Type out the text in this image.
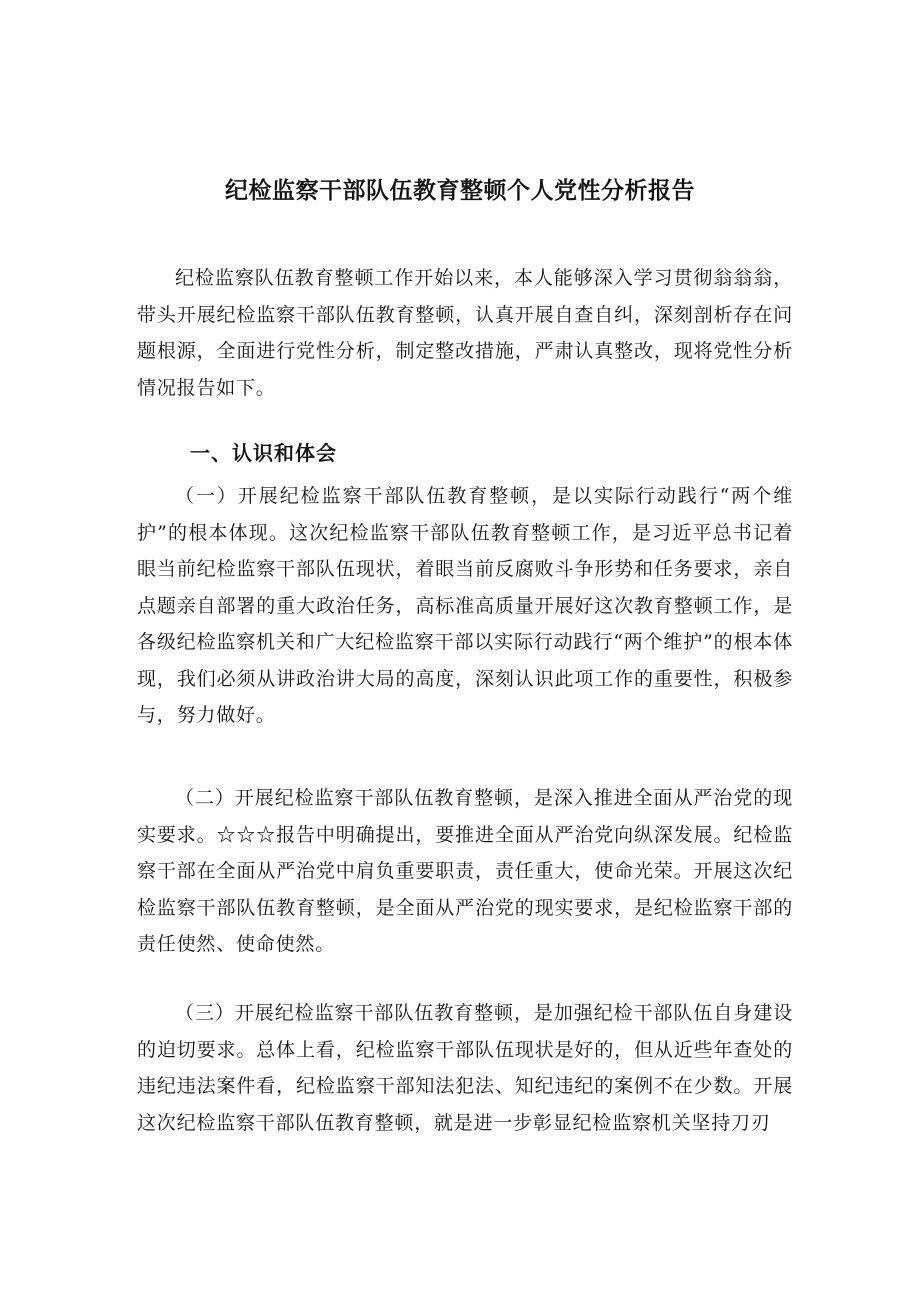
纪检监察干部队伍教育整顿个人党性分析报告

纪检监察队伍教育整顿工作开始以来，本人能够深入学习贯彻翁翁翁，带头开展纪检监察干部队伍教育整顿，认真开展自查自纠，深刻剖析存在问题根源，全面进行党性分析，制定整改措施，严肃认真整改，现将党性分析情况报告如下。

一、认识和体会

（一）开展纪检监察干部队伍教育整顿，是以实际行动践行“两个维护”的根本体现。这次纪检监察干部队伍教育整顿工作，是习近平总书记着眼当前纪检监察干部队伍现状，着眼当前反腐败斗争形势和任务要求，亲自点题亲自部署的重大政治任务，高标准高质量开展好这次教育整顿工作，是各级纪检监察机关和广大纪检监察干部以实际行动践行“两个维护”的根本体现，我们必须从讲政治讲大局的高度，深刻认识此项工作的重要性，积极参与，努力做好。

（二）开展纪检监察干部队伍教育整顿，是深入推进全面从严治党的现实要求。☆☆☆报告中明确提出，要推进全面从严治党向纵深发展。纪检监察干部在全面从严治党中肩负重要职责，责任重大，使命光荣。开展这次纪检监察干部队伍教育整顿，是全面从严治党的现实要求，是纪检监察干部的责任使然、使命使然。

（三）开展纪检监察干部队伍教育整顿，是加强纪检干部队伍自身建设的迫切要求。总体上看，纪检监察干部队伍现状是好的，但从近些年查处的违纪违法案件看，纪检监察干部知法犯法、知纪违纪的案例不在少数。开展这次纪检监察干部队伍教育整顿，就是进一步彰显纪检监察机关坚持刀刃
